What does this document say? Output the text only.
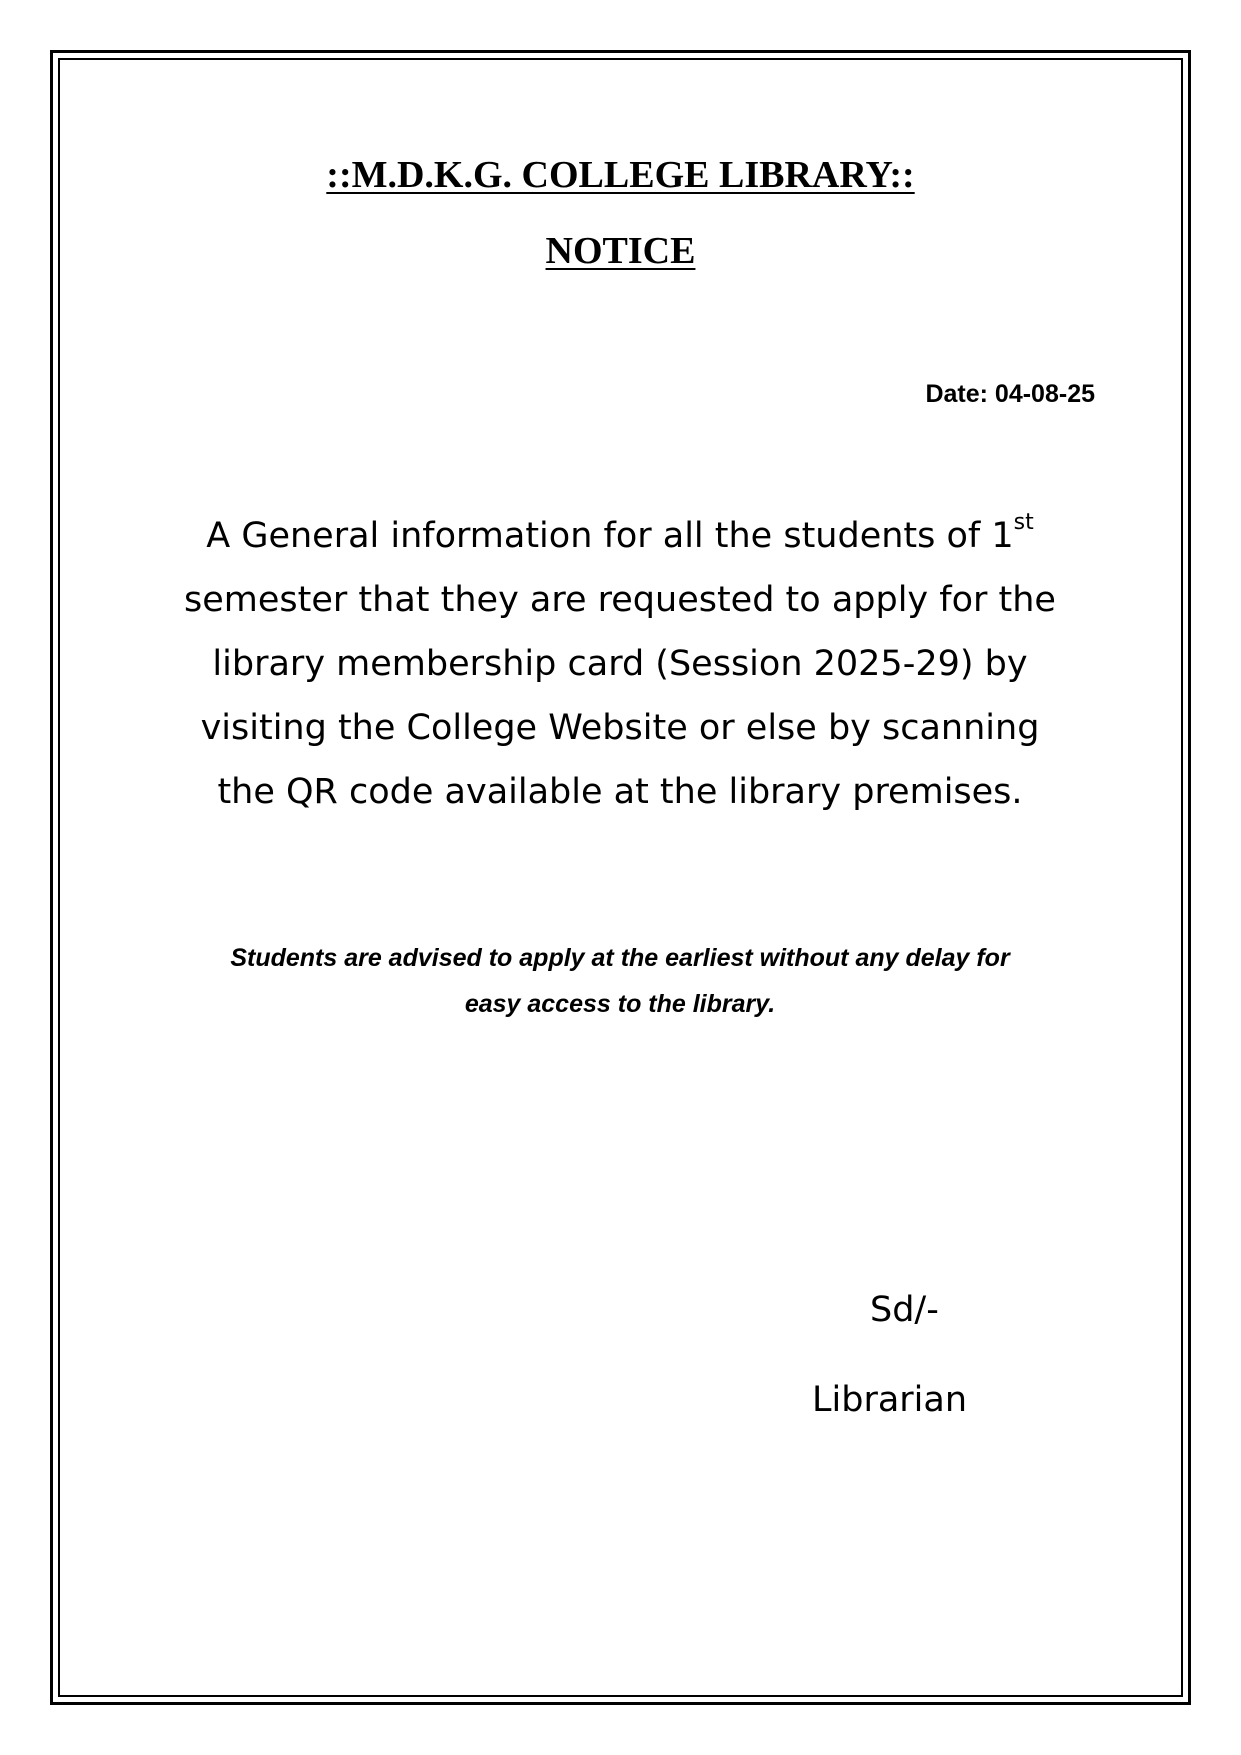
::M.D.K.G. COLLEGE LIBRARY::
NOTICE
Date: 04-08-25
A General information for all the students of 1st
semester that they are requested to apply for the
library membership card (Session 2025-29) by
visiting the College Website or else by scanning
the QR code available at the library premises.
Students are advised to apply at the earliest without any delay for
easy access to the library.
Sd/-
Librarian
